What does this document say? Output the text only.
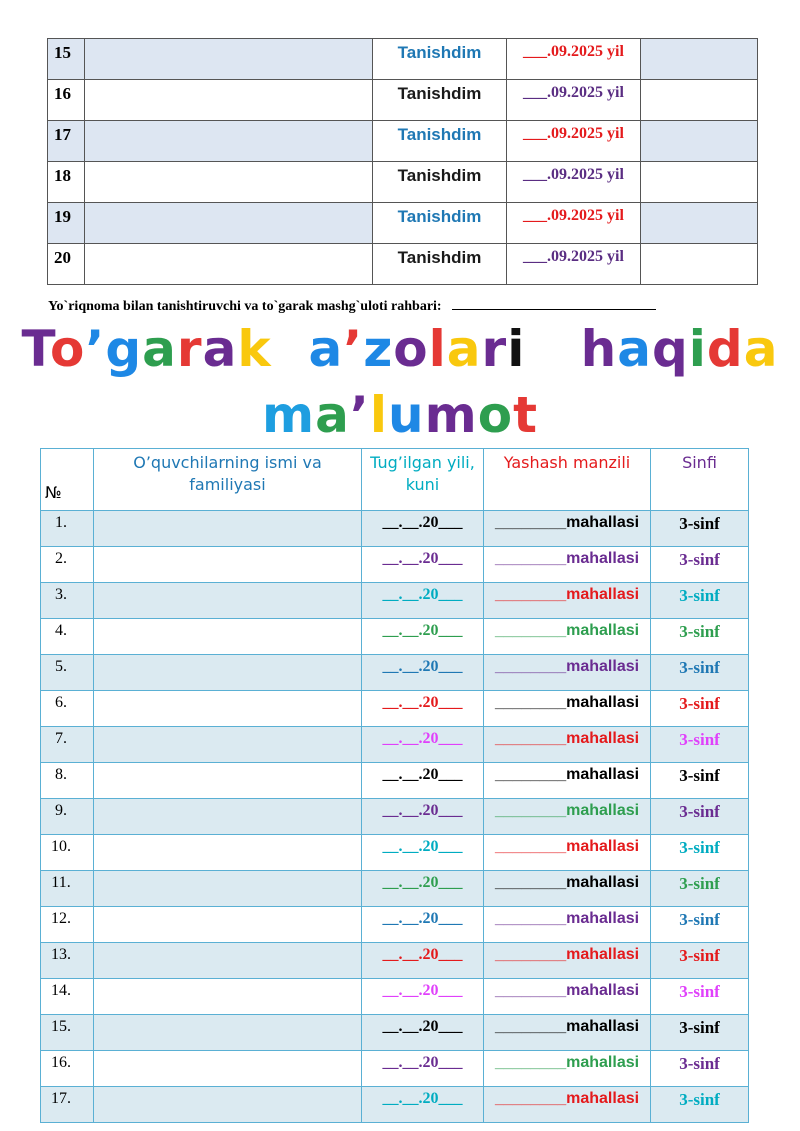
15		Tanishdim	___.09.2025 yil	
16		Tanishdim	___.09.2025 yil	
17		Tanishdim	___.09.2025 yil	
18		Tanishdim	___.09.2025 yil	
19		Tanishdim	___.09.2025 yil	
20		Tanishdim	___.09.2025 yil	
Yo`riqnoma bilan tanishtiruvchi va to`garak mashg`uloti rahbari:
To’garak a’zolari haqida
ma’lumot
№	O’quvchilarning ismi va familiyasi	Tug’ilgan yili, kuni	Yashash manzili	Sinfi
1.		__.__.20___	________mahallasi	3-sinf
2.		__.__.20___	________mahallasi	3-sinf
3.		__.__.20___	________mahallasi	3-sinf
4.		__.__.20___	________mahallasi	3-sinf
5.		__.__.20___	________mahallasi	3-sinf
6.		__.__.20___	________mahallasi	3-sinf
7.		__.__.20___	________mahallasi	3-sinf
8.		__.__.20___	________mahallasi	3-sinf
9.		__.__.20___	________mahallasi	3-sinf
10.		__.__.20___	________mahallasi	3-sinf
11.		__.__.20___	________mahallasi	3-sinf
12.		__.__.20___	________mahallasi	3-sinf
13.		__.__.20___	________mahallasi	3-sinf
14.		__.__.20___	________mahallasi	3-sinf
15.		__.__.20___	________mahallasi	3-sinf
16.		__.__.20___	________mahallasi	3-sinf
17.		__.__.20___	________mahallasi	3-sinf
